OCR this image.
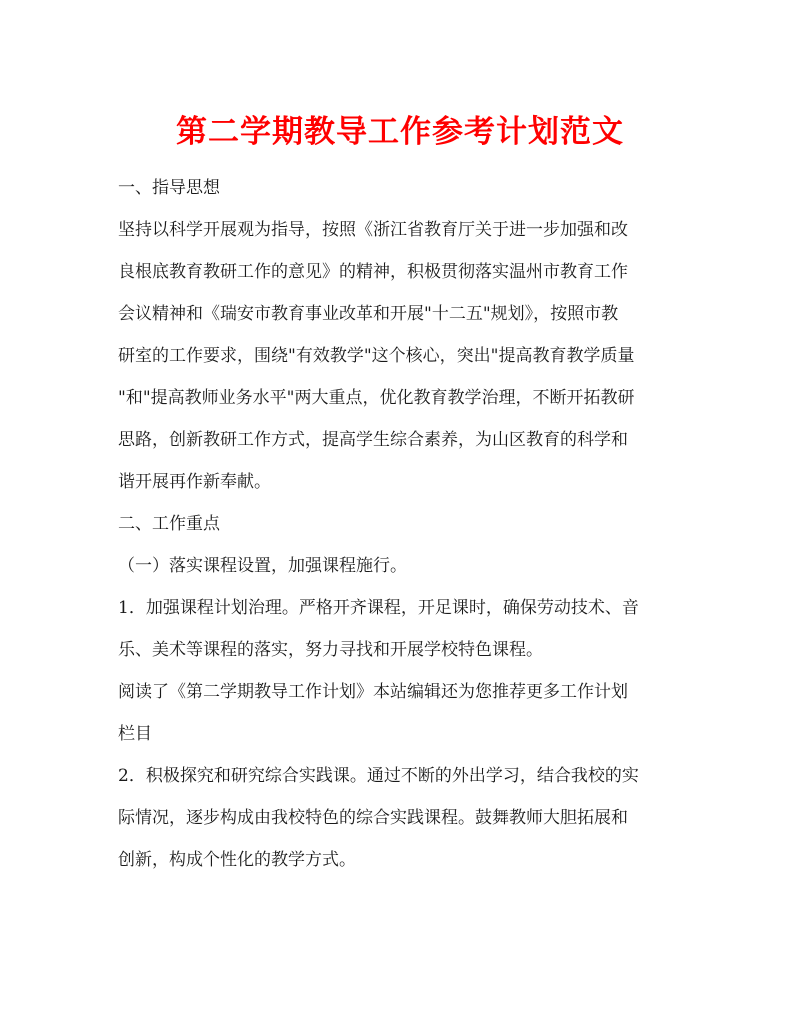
第二学期教导工作参考计划范文
一、指导思想
坚持以科学开展观为指导，按照《浙江省教育厅关于进一步加强和改
良根底教育教研工作的意见》的精神，积极贯彻落实温州市教育工作
会议精神和《瑞安市教育事业改革和开展"十二五"规划》，按照市教
研室的工作要求，围绕"有效教学"这个核心，突出"提高教育教学质量
"和"提高教师业务水平"两大重点，优化教育教学治理，不断开拓教研
思路，创新教研工作方式，提高学生综合素养，为山区教育的科学和
谐开展再作新奉献。
二、工作重点
（一）落实课程设置，加强课程施行。
1．加强课程计划治理。严格开齐课程，开足课时，确保劳动技术、音
乐、美术等课程的落实，努力寻找和开展学校特色课程。
阅读了《第二学期教导工作计划》本站编辑还为您推荐更多工作计划
栏目
2．积极探究和研究综合实践课。通过不断的外出学习，结合我校的实
际情况，逐步构成由我校特色的综合实践课程。鼓舞教师大胆拓展和
创新，构成个性化的教学方式。
